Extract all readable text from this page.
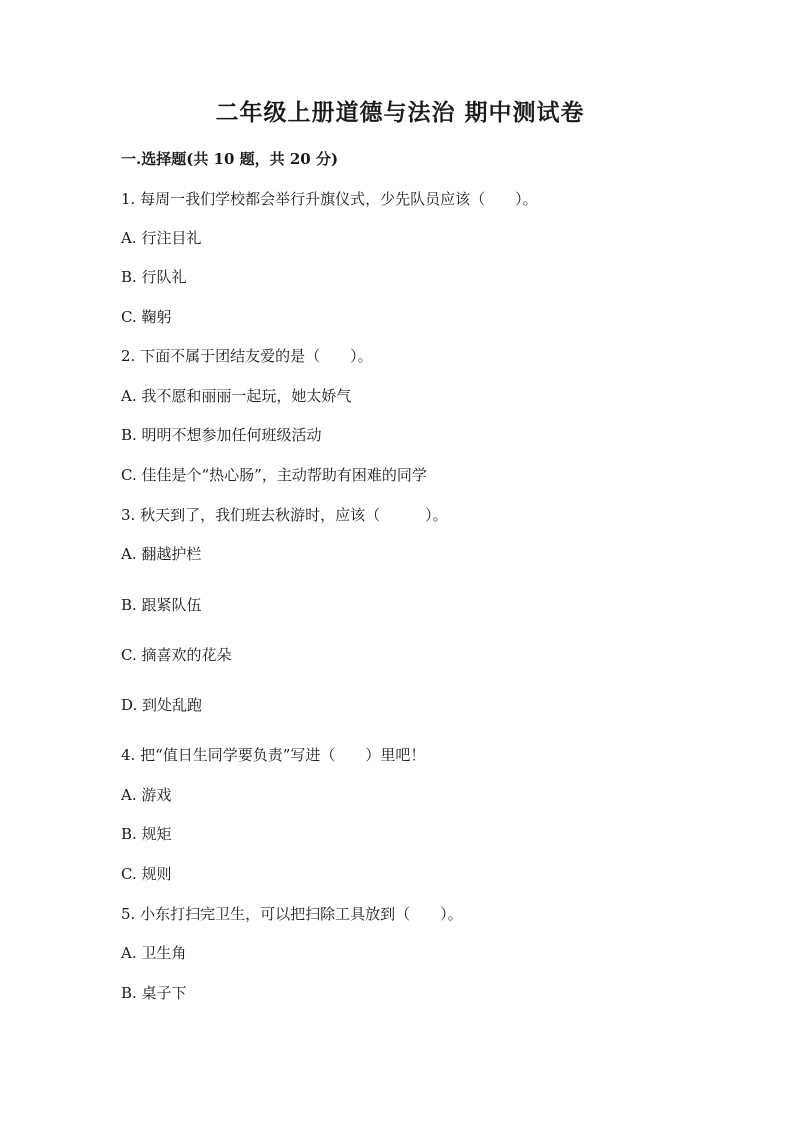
二年级上册道德与法治 期中测试卷

一.选择题(共 10 题，共 20 分)

1. 每周一我们学校都会举行升旗仪式，少先队员应该（　　）。

A. 行注目礼

B. 行队礼

C. 鞠躬

2. 下面不属于团结友爱的是（　　）。

A. 我不愿和丽丽一起玩，她太娇气

B. 明明不想参加任何班级活动

C. 佳佳是个“热心肠”，主动帮助有困难的同学

3. 秋天到了，我们班去秋游时，应该（　　　）。

A. 翻越护栏

B. 跟紧队伍

C. 摘喜欢的花朵

D. 到处乱跑

4. 把“值日生同学要负责”写进（　　）里吧！

A. 游戏

B. 规矩

C. 规则

5. 小东打扫完卫生，可以把扫除工具放到（　　）。

A. 卫生角

B. 桌子下
